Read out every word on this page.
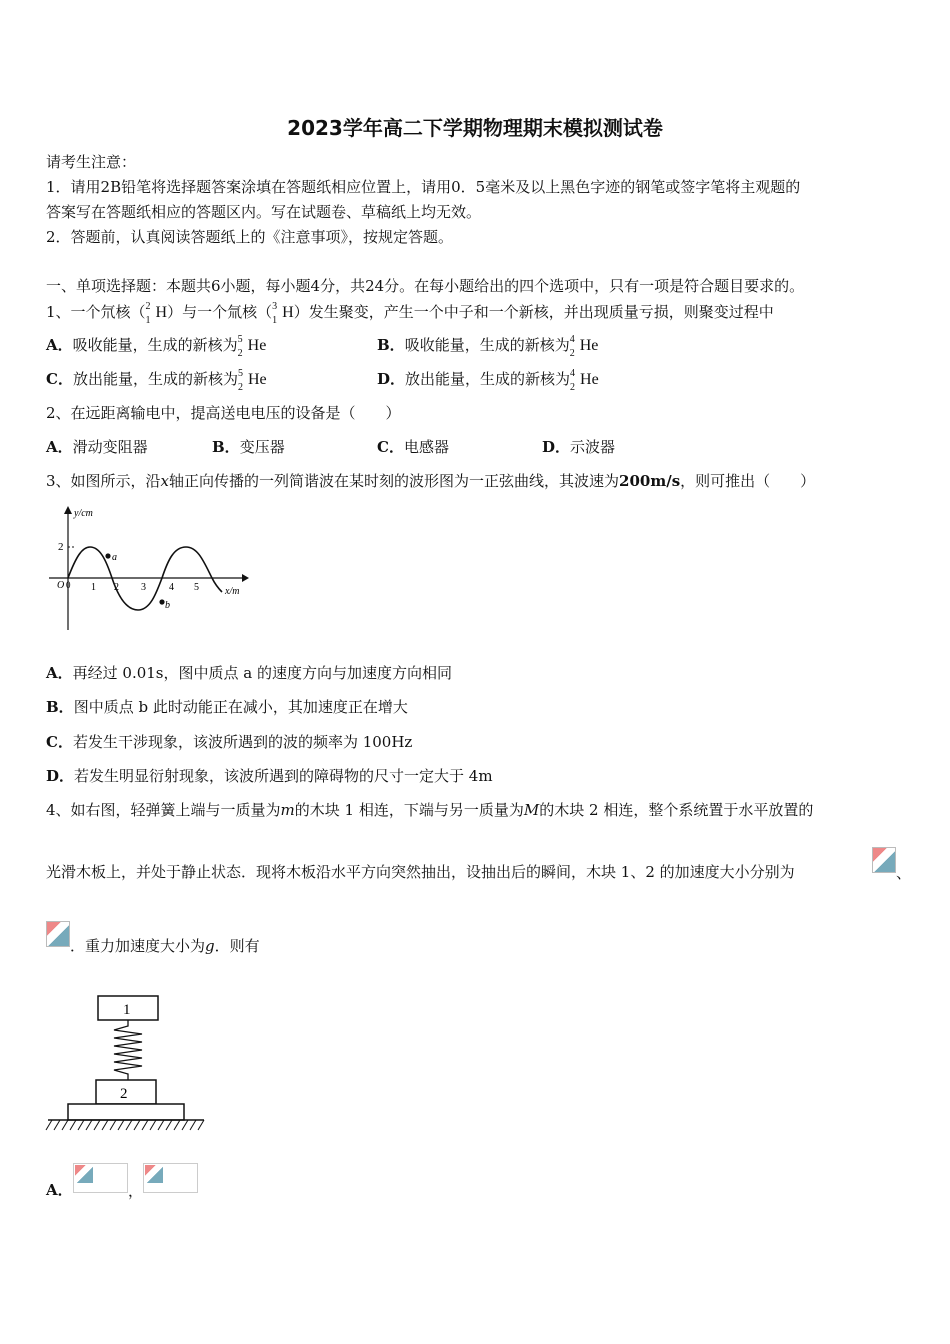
2023学年高二下学期物理期末模拟测试卷
请考生注意：
1．请用2B铅笔将选择题答案涂填在答题纸相应位置上，请用0．5毫米及以上黑色字迹的钢笔或签字笔将主观题的
答案写在答题纸相应的答题区内。写在试题卷、草稿纸上均无效。
2．答题前，认真阅读答题纸上的《注意事项》，按规定答题。
一、单项选择题：本题共6小题，每小题4分，共24分。在每小题给出的四个选项中，只有一项是符合题目要求的。
1、一个氘核（ 2
1 H）与一个氚核（ 3
1 H）发生聚变，产生一个中子和一个新核，并出现质量亏损，则聚变过程中
A．吸收能量，生成的新核为 5
2 He	B．吸收能量，生成的新核为 4
2 He
C．放出能量，生成的新核为 5
2 He	D．放出能量，生成的新核为 4
2 He
2、在远距离输电中，提高送电电压的设备是（　　）
A．滑动变阻器	B．变压器	C．电感器	D．示波器
3、如图所示，沿x轴正向传播的一列简谐波在某时刻的波形图为一正弦曲线，其波速为200m/s，则可推出（　　）
y/cm
x/m
O 0
2
1 2 3 4 5
a
b
A．再经过 0.01s，图中质点 a 的速度方向与加速度方向相同
B．图中质点 b 此时动能正在减小，其加速度正在增大
C．若发生干涉现象，该波所遇到的波的频率为 100Hz
D．若发生明显衍射现象，该波所遇到的障碍物的尺寸一定大于 4m
4、如右图，轻弹簧上端与一质量为m的木块 1 相连，下端与另一质量为M的木块 2 相连，整个系统置于水平放置的
光滑木板上，并处于静止状态．现将木板沿水平方向突然抽出，设抽出后的瞬间，木块 1、2 的加速度大小分别为	、
．重力加速度大小为g．则有
1
2
A．	，
